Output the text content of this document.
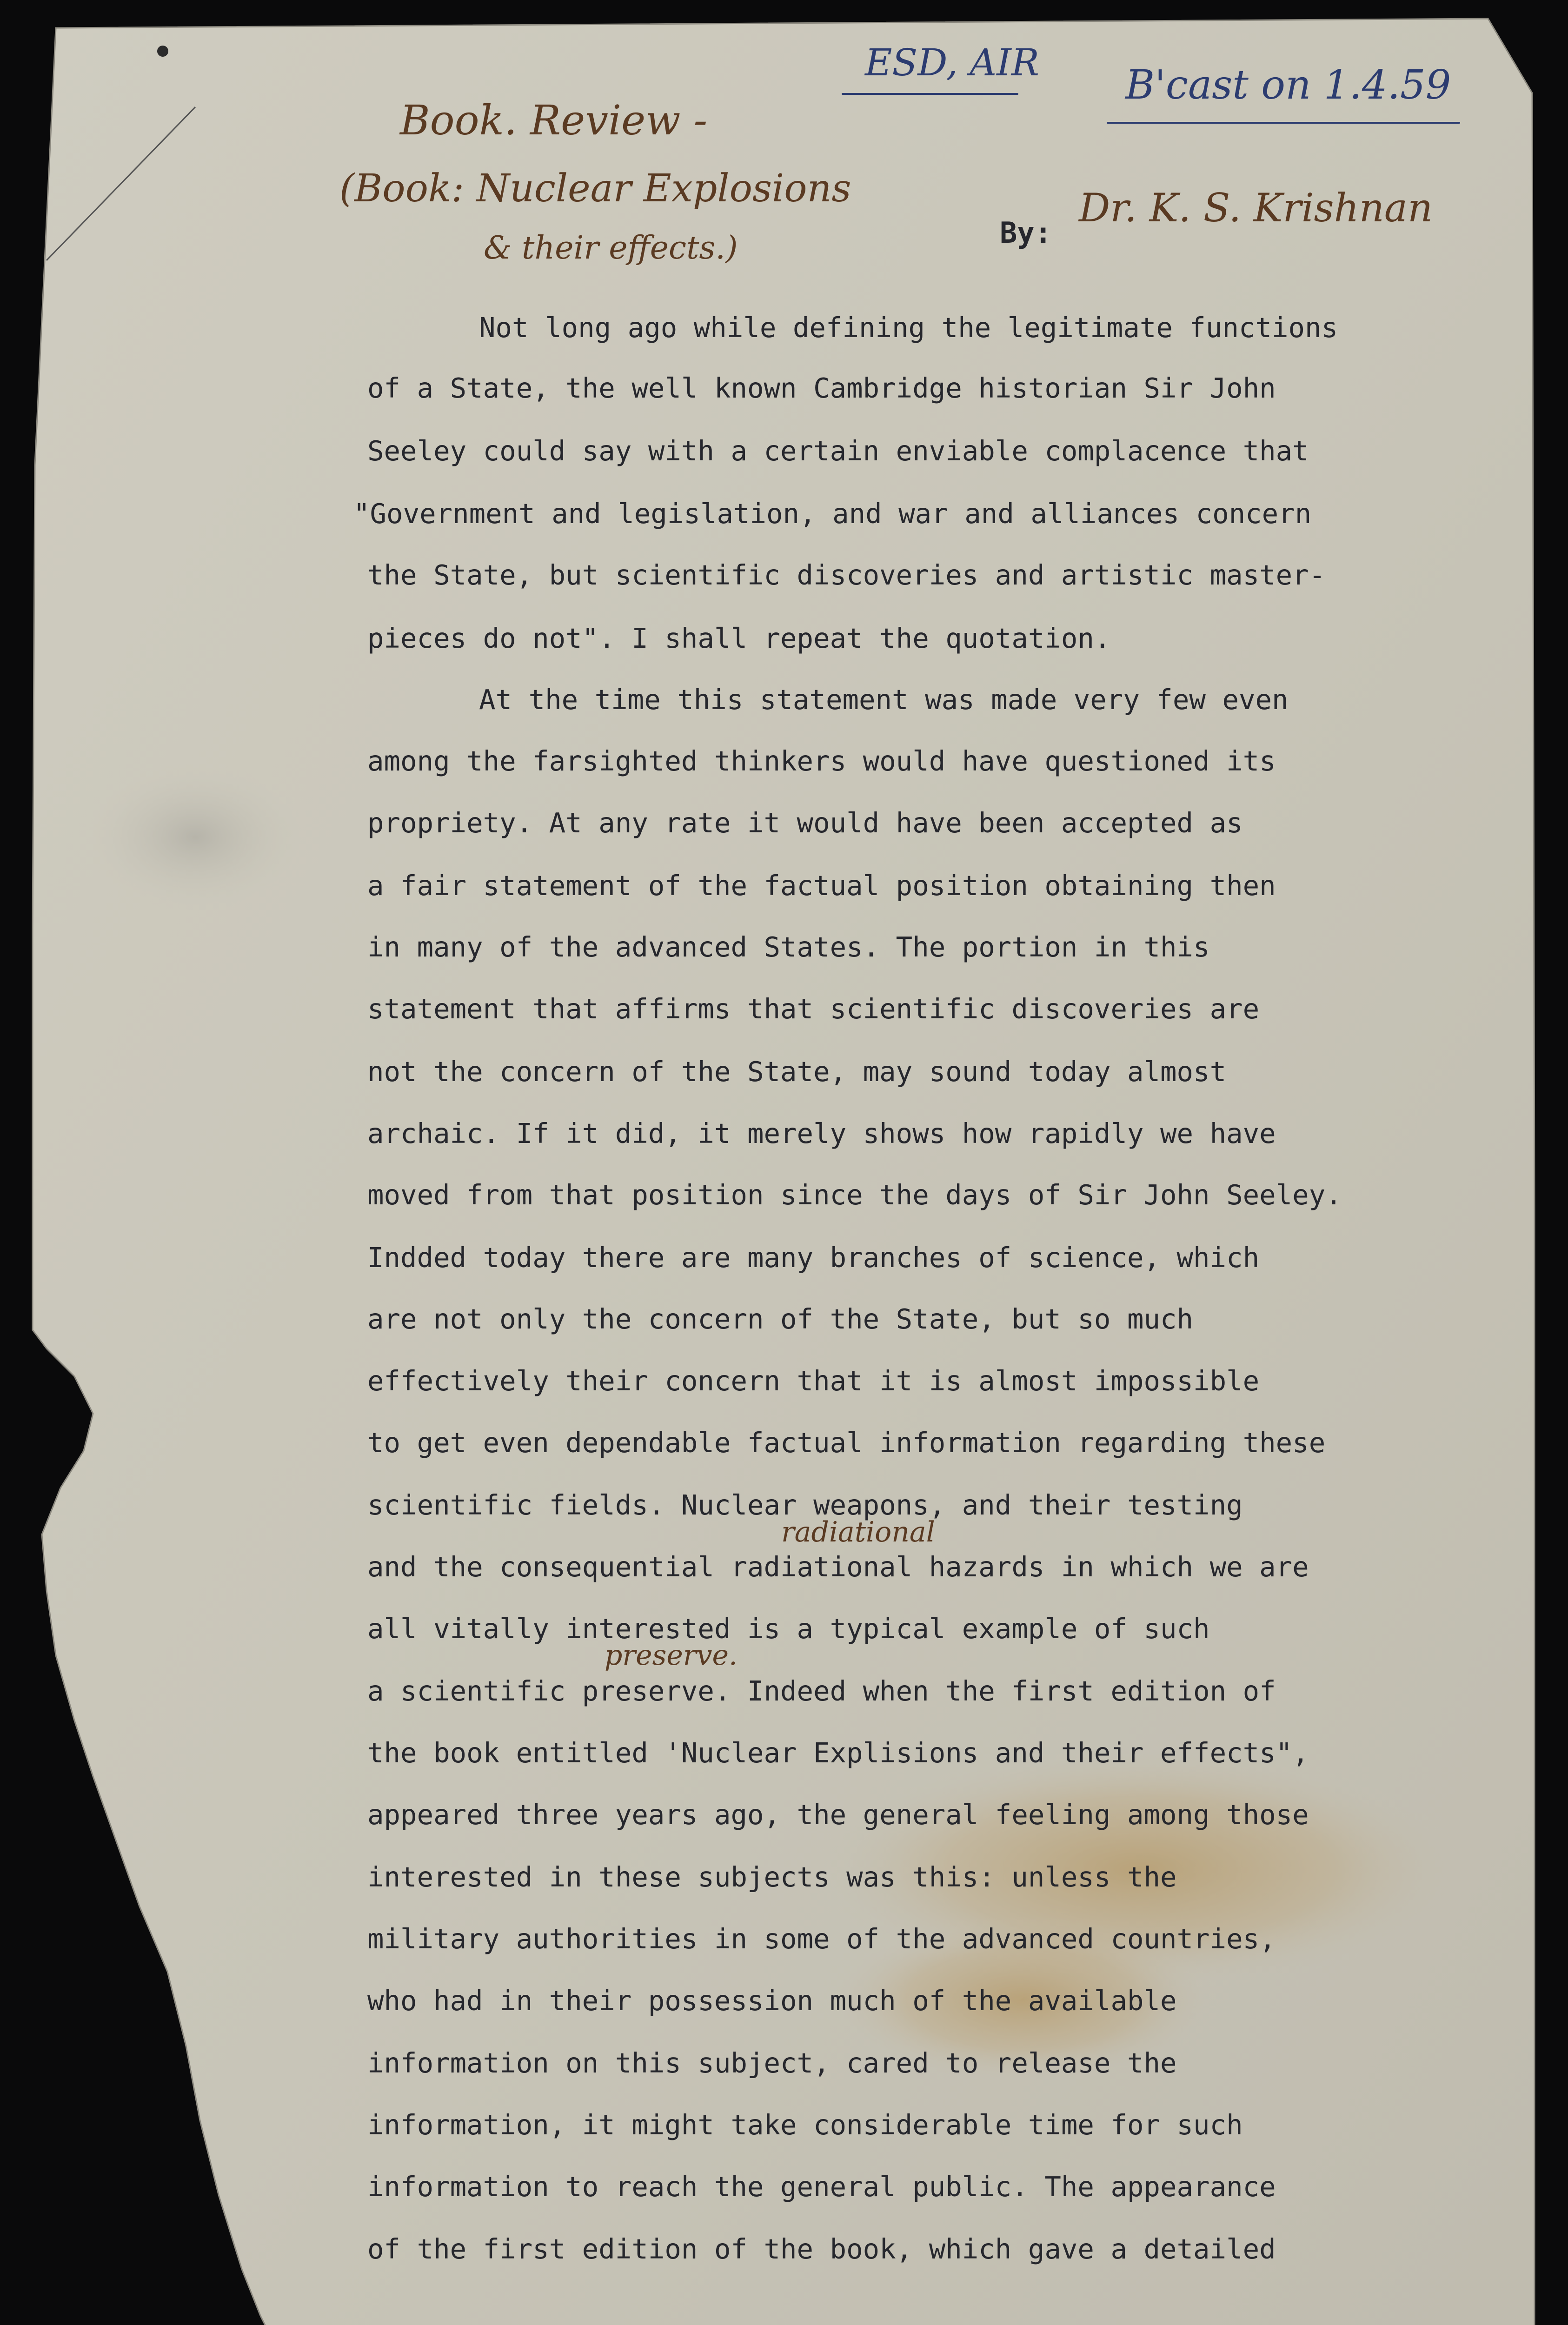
Book. Review -
(Book: Nuclear Explosions
& their effects.)
ESD, AIR B'cast on 1.4.59
By:
Dr. K. S. Krishnan
Not long ago while defining the legitimate functions
of a State, the well known Cambridge historian Sir John
Seeley could say with a certain enviable complacence that
"Government and legislation, and war and alliances concern
the State, but scientific discoveries and artistic master-
pieces do not". I shall repeat the quotation.
At the time this statement was made very few even
among the farsighted thinkers would have questioned its
propriety. At any rate it would have been accepted as
a fair statement of the factual position obtaining then
in many of the advanced States. The portion in this
statement that affirms that scientific discoveries are
not the concern of the State, may sound today almost
archaic. If it did, it merely shows how rapidly we have
moved from that position since the days of Sir John Seeley.
Indded today there are many branches of science, which
are not only the concern of the State, but so much
effectively their concern that it is almost impossible
to get even dependable factual information regarding these
scientific fields. Nuclear weapons, and their testing
and the consequential radiational hazards in which we are
all vitally interested is a typical example of such
a scientific preserve. Indeed when the first edition of
the book entitled 'Nuclear Explisions and their effects",
appeared three years ago, the general feeling among those
interested in these subjects was this: unless the
military authorities in some of the advanced countries,
who had in their possession much of the available
information on this subject, cared to release the
information, it might take considerable time for such
information to reach the general public. The appearance
of the first edition of the book, which gave a detailed
radiational
preserve.
